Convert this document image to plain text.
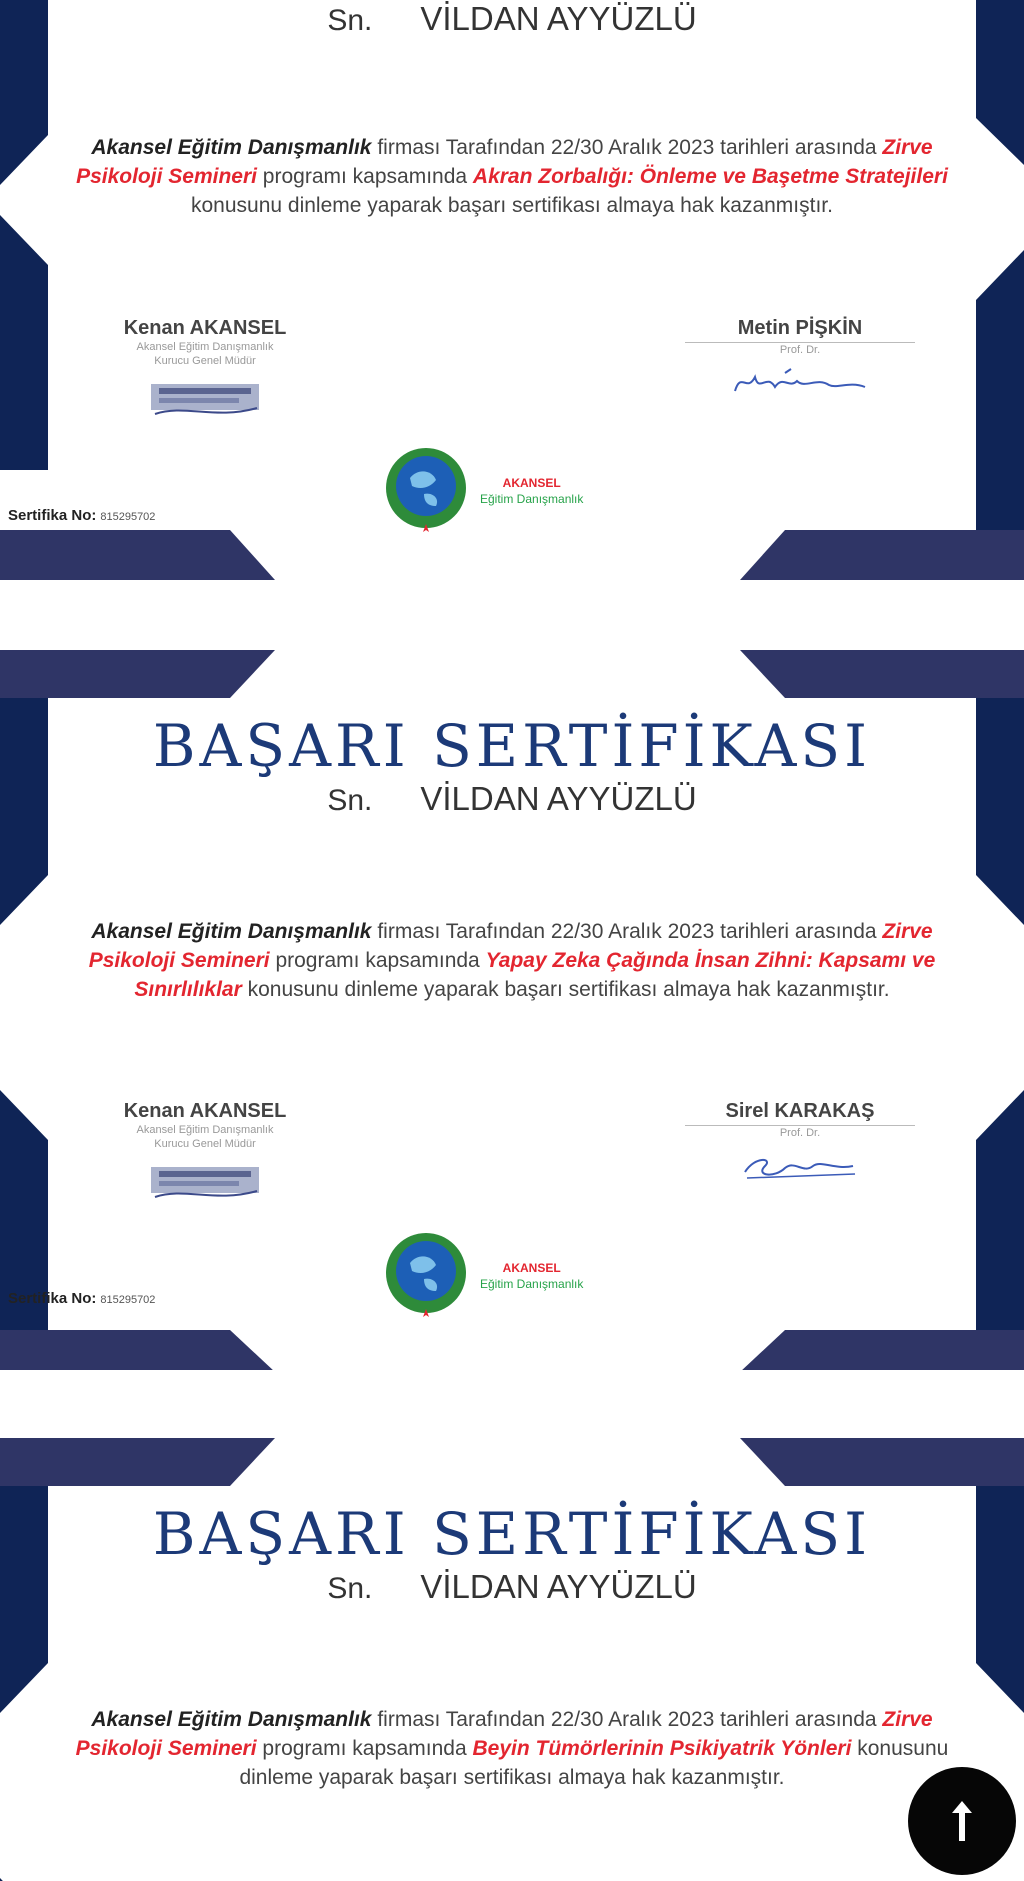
Sn. VİLDAN AYYÜZLÜ
Akansel Eğitim Danışmanlık firması Tarafından 22/30 Aralık 2023 tarihleri arasında Zirve Psikoloji Semineri programı kapsamında Akran Zorbalığı: Önleme ve Başetme Stratejileri konusunu dinleme yaparak başarı sertifikası almaya hak kazanmıştır.
Kenan AKANSEL
Akansel Eğitim Danışmanlık
Kurucu Genel Müdür
Metin PİŞKİN
Prof. Dr.
AKANSEL
Eğitim Danışmanlık
Sertifika No: 815295702
BAŞARI SERTİFİKASI
Sn. VİLDAN AYYÜZLÜ
Akansel Eğitim Danışmanlık firması Tarafından 22/30 Aralık 2023 tarihleri arasında Zirve Psikoloji Semineri programı kapsamında Yapay Zeka Çağında İnsan Zihni: Kapsamı ve Sınırlılıklar konusunu dinleme yaparak başarı sertifikası almaya hak kazanmıştır.
Kenan AKANSEL
Akansel Eğitim Danışmanlık
Kurucu Genel Müdür
Sirel KARAKAŞ
Prof. Dr.
AKANSEL
Eğitim Danışmanlık
Sertifika No: 815295702
BAŞARI SERTİFİKASI
Sn. VİLDAN AYYÜZLÜ
Akansel Eğitim Danışmanlık firması Tarafından 22/30 Aralık 2023 tarihleri arasında Zirve Psikoloji Semineri programı kapsamında Beyin Tümörlerinin Psikiyatrik Yönleri konusunu dinleme yaparak başarı sertifikası almaya hak kazanmıştır.
